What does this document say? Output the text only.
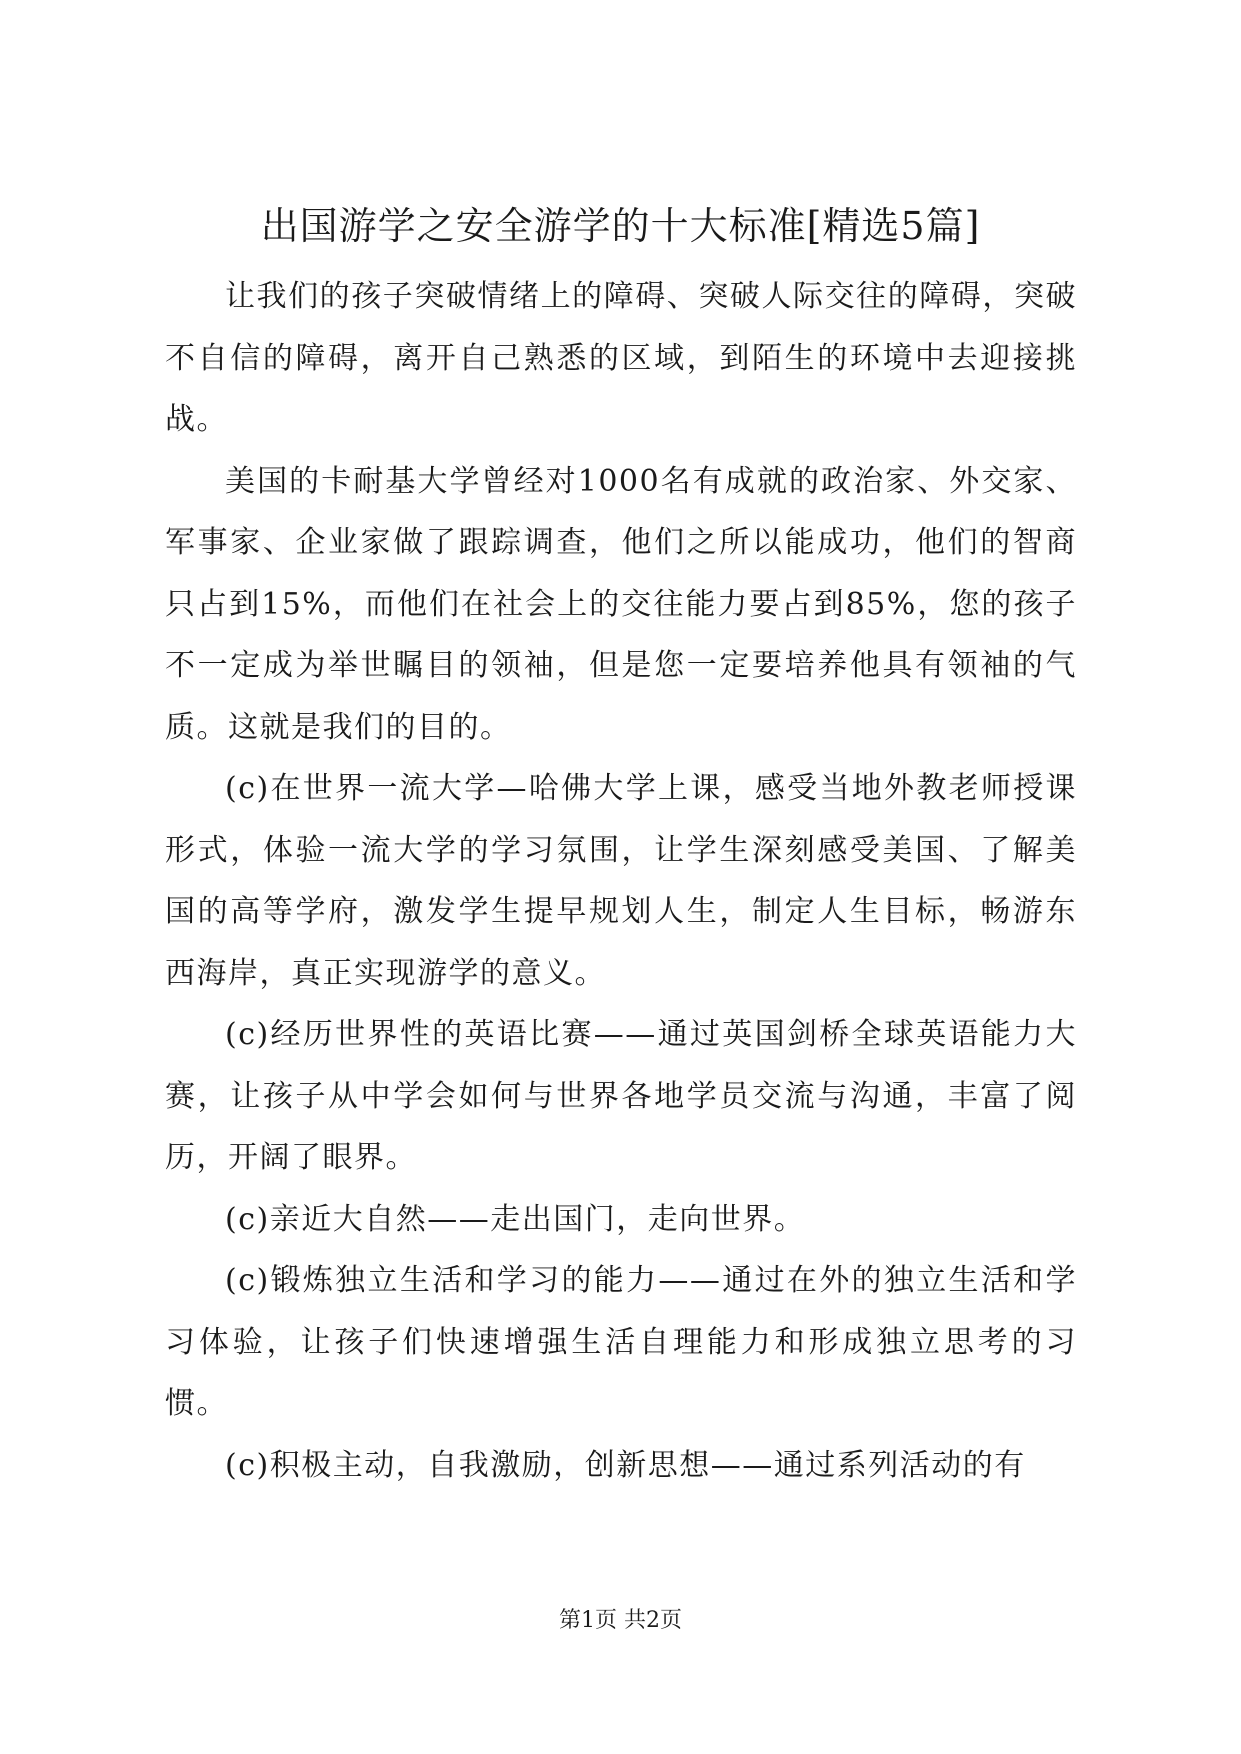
出国游学之安全游学的十大标准[精选5篇]

让我们的孩子突破情绪上的障碍、突破人际交往的障碍，突破不自信的障碍，离开自己熟悉的区域，到陌生的环境中去迎接挑战。

美国的卡耐基大学曾经对1000名有成就的政治家、外交家、军事家、企业家做了跟踪调查，他们之所以能成功，他们的智商只占到15%，而他们在社会上的交往能力要占到85%，您的孩子不一定成为举世瞩目的领袖，但是您一定要培养他具有领袖的气质。这就是我们的目的。

(c)在世界一流大学—哈佛大学上课，感受当地外教老师授课形式，体验一流大学的学习氛围，让学生深刻感受美国、了解美国的高等学府，激发学生提早规划人生，制定人生目标，畅游东西海岸，真正实现游学的意义。

(c)经历世界性的英语比赛——通过英国剑桥全球英语能力大赛，让孩子从中学会如何与世界各地学员交流与沟通，丰富了阅历，开阔了眼界。

(c)亲近大自然——走出国门，走向世界。

(c)锻炼独立生活和学习的能力——通过在外的独立生活和学习体验，让孩子们快速增强生活自理能力和形成独立思考的习惯。

(c)积极主动，自我激励，创新思想——通过系列活动的有

第1页 共2页
